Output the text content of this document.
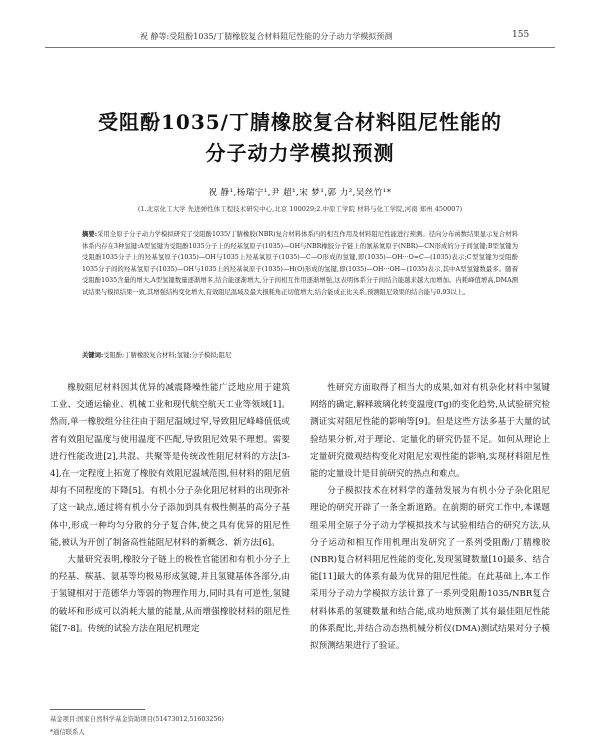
祝 静等:受阻酚1035/丁腈橡胶复合材料阻尼性能的分子动力学模拟预测	155
受阻酚1035/丁腈橡胶复合材料阻尼性能的
分子动力学模拟预测
祝 静¹,杨瑞宁¹,尹 超¹,宋 梦¹,郭 力²,吴丝竹¹*
(1.北京化工大学 先进弹性体工程技术研究中心,北京 100029;2.中原工学院 材料与化工学院,河南 郑州 450007)
摘要:采用全原子分子动力学模拟研究了受阻酚1035/丁腈橡胶(NBR)复合材料体系内的相互作用及材料阻尼性能进行预测。径向分布函数结果显示复合材料体系内存在3种氢键:A型氢键为受阻酚1035分子上的羟基氢原子(1035)—OH与NBR橡胶分子链上的氰基氮原子(NBR)—CN形成的分子间氢键;B型氢键为受阻酚1035分子上的羟基氢原子(1035)—OH与1035上羟基氧原子(1035)—C—O形成的氢键,即(1035)—OH···O=C—(1035)表示;C型氢键为受阻酚1035分子间的羟基氢原子(1035)—OH与1035上的羟基氧原子(1035)—H(O)形成的氢键,即(1035)—OH···OH—(1035)表示,其中A型氢键数最多。随着受阻酚1035含量的增大,A型氢键数量逐渐增多,结合能逐渐增大,分子间相互作用逐渐增强,这表明体系分子间结合能越来越大而增加。内耗峰值增高,DMA测试结果与模拟结果一致,其增强结构变化增大,有效阻尼温域及最大损耗角正切值增大,结合能成正比关系,预测阻尼效果的结合能与0.93以上。
关键词:受阻酚;丁腈橡胶复合材料;氢键;分子模拟;阻尼

橡胶阻尼材料因其优异的减震降噪性能广泛地应用于建筑工业、交通运输业、机械工业和现代航空航天工业等领域[1]。然而,单一橡胶组分往往由于阻尼温域过窄,导致阻尼峰峰值低或者有效阻尼温度与使用温度不匹配,导致阻尼效果不理想。需要进行性能改进[2],共混、共聚等是传统改性阻尼材料的方法[3-4],在一定程度上拓宽了橡胶有效阻尼温域范围,但材料的阻尼值却有不同程度的下降[5]。有机小分子杂化阻尼材料的出现弥补了这一缺点,通过将有机小分子添加到具有极性侧基的高分子基体中,形成一种均匀分散的分子复合体,使之具有优异的阻尼性能,被认为开创了制备高性能阻尼材料的新概念、新方法[6]。

大量研究表明,橡胶分子链上的极性官能团和有机小分子上的羟基、羰基、氨基等均极易形成氢键,并且氢键基体各部分,由于氢键相对于范德华力等弱的物理作用力,同时具有可逆性,氢键的破坏和形成可以消耗大量的能量,从而增强橡胶材料的阻尼性能[7-8]。传统的试验方法在阻尼机理定

性研究方面取得了相当大的成果,如对有机杂化材料中氢键网络的确定,解释玻璃化转变温度(Tg)的变化趋势,从试验研究检测证实对阻尼性能的影响等[9]。但是这些方法多基于大量的试验结果分析,对于理论、定量化的研究仍显不足。如何从理论上定量研究微观结构变化对阻尼宏观性能的影响,实现材料阻尼性能的定量设计是目前研究的热点和难点。

分子模拟技术在材料学的蓬勃发展为有机小分子杂化阻尼理论的研究开辟了一条全新道路。在前期的研究工作中,本课题组采用全原子分子动力学模拟技术与试验相结合的研究方法,从分子运动和相互作用机理出发研究了一系列受阻酚/丁腈橡胶(NBR)复合材料阻尼性能的变化,发现氢键数量[10]最多、结合能[11]最大的体系有最为优异的阻尼性能。在此基础上,本工作采用分子动力学模拟方法计算了一系列受阻酚1035/NBR复合材料体系的氢键数量和结合能,成功地预测了其有最佳阻尼性能的体系配比,并结合动态热机械分析仪(DMA)测试结果对分子模拟预测结果进行了验证。

基金项目:国家自然科学基金资助项目(51473012,51603256)
*通信联系人
